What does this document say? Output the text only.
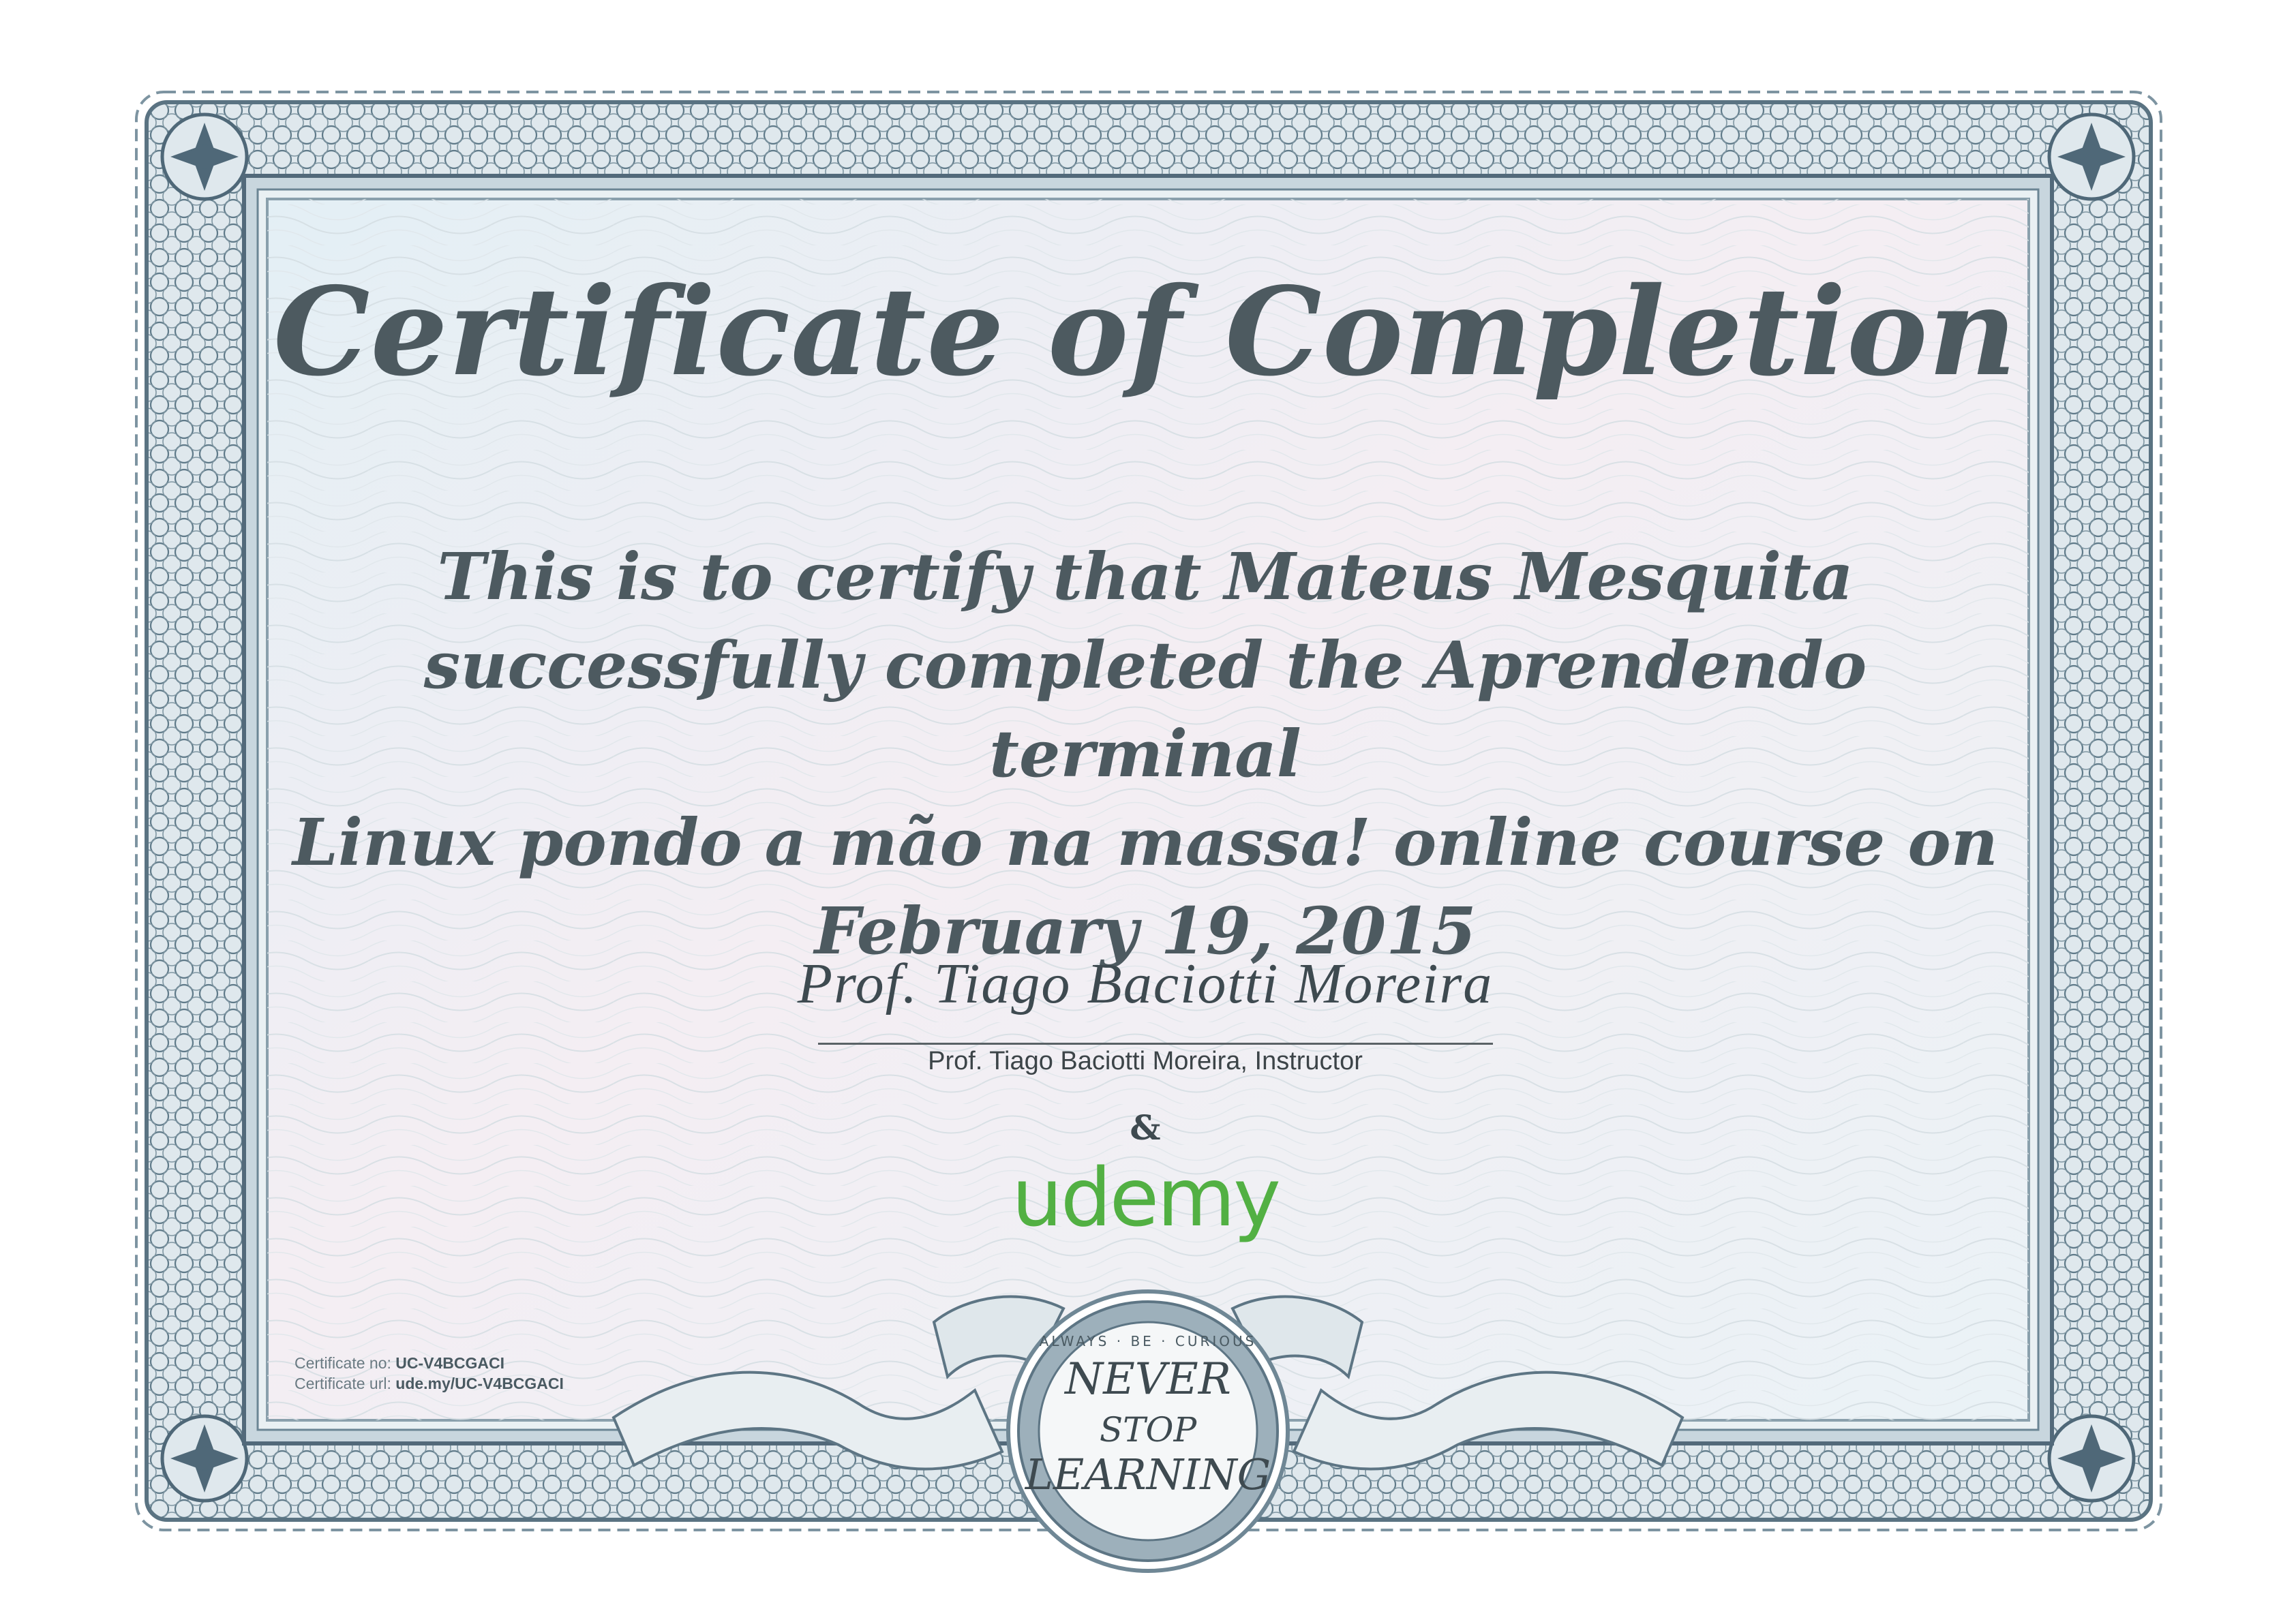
ALWAYS · BE · CURIOUS
NEVER
STOP
LEARNING
Certificate of Completion
This is to certify that Mateus Mesquita
successfully completed the Aprendendo terminal
Linux pondo a mão na massa! online course on
February 19, 2015
Prof. Tiago Baciotti Moreira
Prof. Tiago Baciotti Moreira, Instructor
&
udemy
Certificate no: UC-V4BCGACI
Certificate url: ude.my/UC-V4BCGACI
